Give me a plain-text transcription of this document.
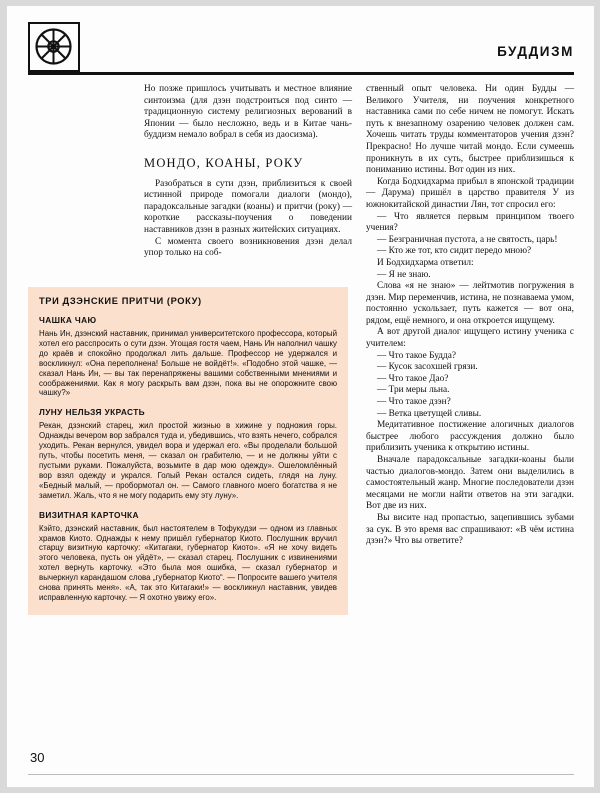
БУДДИЗМ

Но позже пришлось учитывать и местное влияние синтоизма (для дзэн подстроиться под синто — традиционную систему религиозных верований в Японии — было несложно, ведь и в Китае чань-буддизм немало вобрал в себя из даосизма).

МОНДО, КОАНЫ, РОКУ

Разобраться в сути дзэн, приблизиться к своей истинной природе помогали диалоги (мондо), парадоксальные загадки (коаны) и притчи (року) — короткие рассказы-поучения о поведении наставников дзэн в разных житейских ситуациях.

С момента своего возникновения дзэн делал упор только на соб-

ТРИ ДЗЭНСКИЕ ПРИТЧИ (РОКУ)
ЧАШКА ЧАЮ

Нань Ин, дзэнский наставник, принимал университетского профессора, который хотел его расспросить о сути дзэн. Угощая гостя чаем, Нань Ин наполнил чашку до краёв и спокойно продолжал лить дальше. Профессор не удержался и воскликнул: «Она переполнена! Больше не войдёт!». «Подобно этой чашке, — сказал Нань Ин, — вы так перенапряжены вашими собственными мнениями и соображениями. Как я могу раскрыть вам дзэн, пока вы не опорожните свою чашку?»

ЛУНУ НЕЛЬЗЯ УКРАСТЬ

Рекан, дзэнский старец, жил простой жизнью в хижине у подножия горы. Однажды вечером вор забрался туда и, убедившись, что взять нечего, собрался уходить. Рекан вернулся, увидел вора и удержал его. «Вы проделали большой путь, чтобы посетить меня, — сказал он грабителю, — и не должны уйти с пустыми руками. Пожалуйста, возьмите в дар мою одежду». Ошеломлённый вор взял одежду и укрался. Голый Рекан остался сидеть, глядя на луну. «Бедный малый, — пробормотал он. — Самого главного моего богатства я не заметил. Жаль, что я не могу подарить ему эту луну».

ВИЗИТНАЯ КАРТОЧКА

Кэйто, дзэнский наставник, был настоятелем в Тофукудзи — одном из главных храмов Киото. Однажды к нему пришёл губернатор Киото. Послушник вручил старцу визитную карточку: «Китагаки, губернатор Киото». «Я не хочу видеть этого человека, пусть он уйдёт», — сказал старец. Послушник с извинениями хотел вернуть карточку. «Это была моя ошибка, — сказал губернатор и вычеркнул карандашом слова „губернатор Киото“. — Попросите вашего учителя снова принять меня». «А, так это Китагаки!» — воскликнул наставник, увидев исправленную карточку. — Я охотно увижу его».

ственный опыт человека. Ни один Будды — Великого Учителя, ни поучения конкретного наставника сами по себе ничем не помогут. Искать путь к внезапному озарению человек должен сам. Хочешь читать труды комментаторов учения дзэн? Прекрасно! Но лучше читай мондо. Если сумеешь проникнуть в их суть, быстрее приблизишься к пониманию истины. Вот один из них.

Когда Бодхидхарма прибыл в японской традиции — Дарума) пришёл в царство правителя У из южнокитайской династии Лян, тот спросил его:

— Что является первым принципом твоего учения?

— Безграничная пустота, а не святость, царь!

— Кто же тот, кто сидит передо мною?

И Бодхидхарма ответил:

— Я не знаю.

Слова «я не знаю» — лейтмотив погружения в дзэн. Мир переменчив, истина, не познаваема умом, постоянно ускользает, путь кажется — вот она, рядом, ещё немного, и она откроется ищущему.

А вот другой диалог ищущего истину ученика с учителем:

— Что такое Будда?

— Кусок засохшей грязи.

— Что такое Дао?

— Три меры льна.

— Что такое дзэн?

— Ветка цветущей сливы.

Медитативное постижение алогичных диалогов быстрее любого рассуждения должно было приблизить ученика к открытию истины.

Вначале парадоксальные загадки-коаны были частью диалогов-мондо. Затем они выделились в самостоятельный жанр. Многие последователи дзэн месяцами не могли найти ответов на эти загадки. Вот две из них.

Вы висите над пропастью, зацепившись зубами за сук. В это время вас спрашивают: «В чём истина дзэн?» Что вы ответите?

30
